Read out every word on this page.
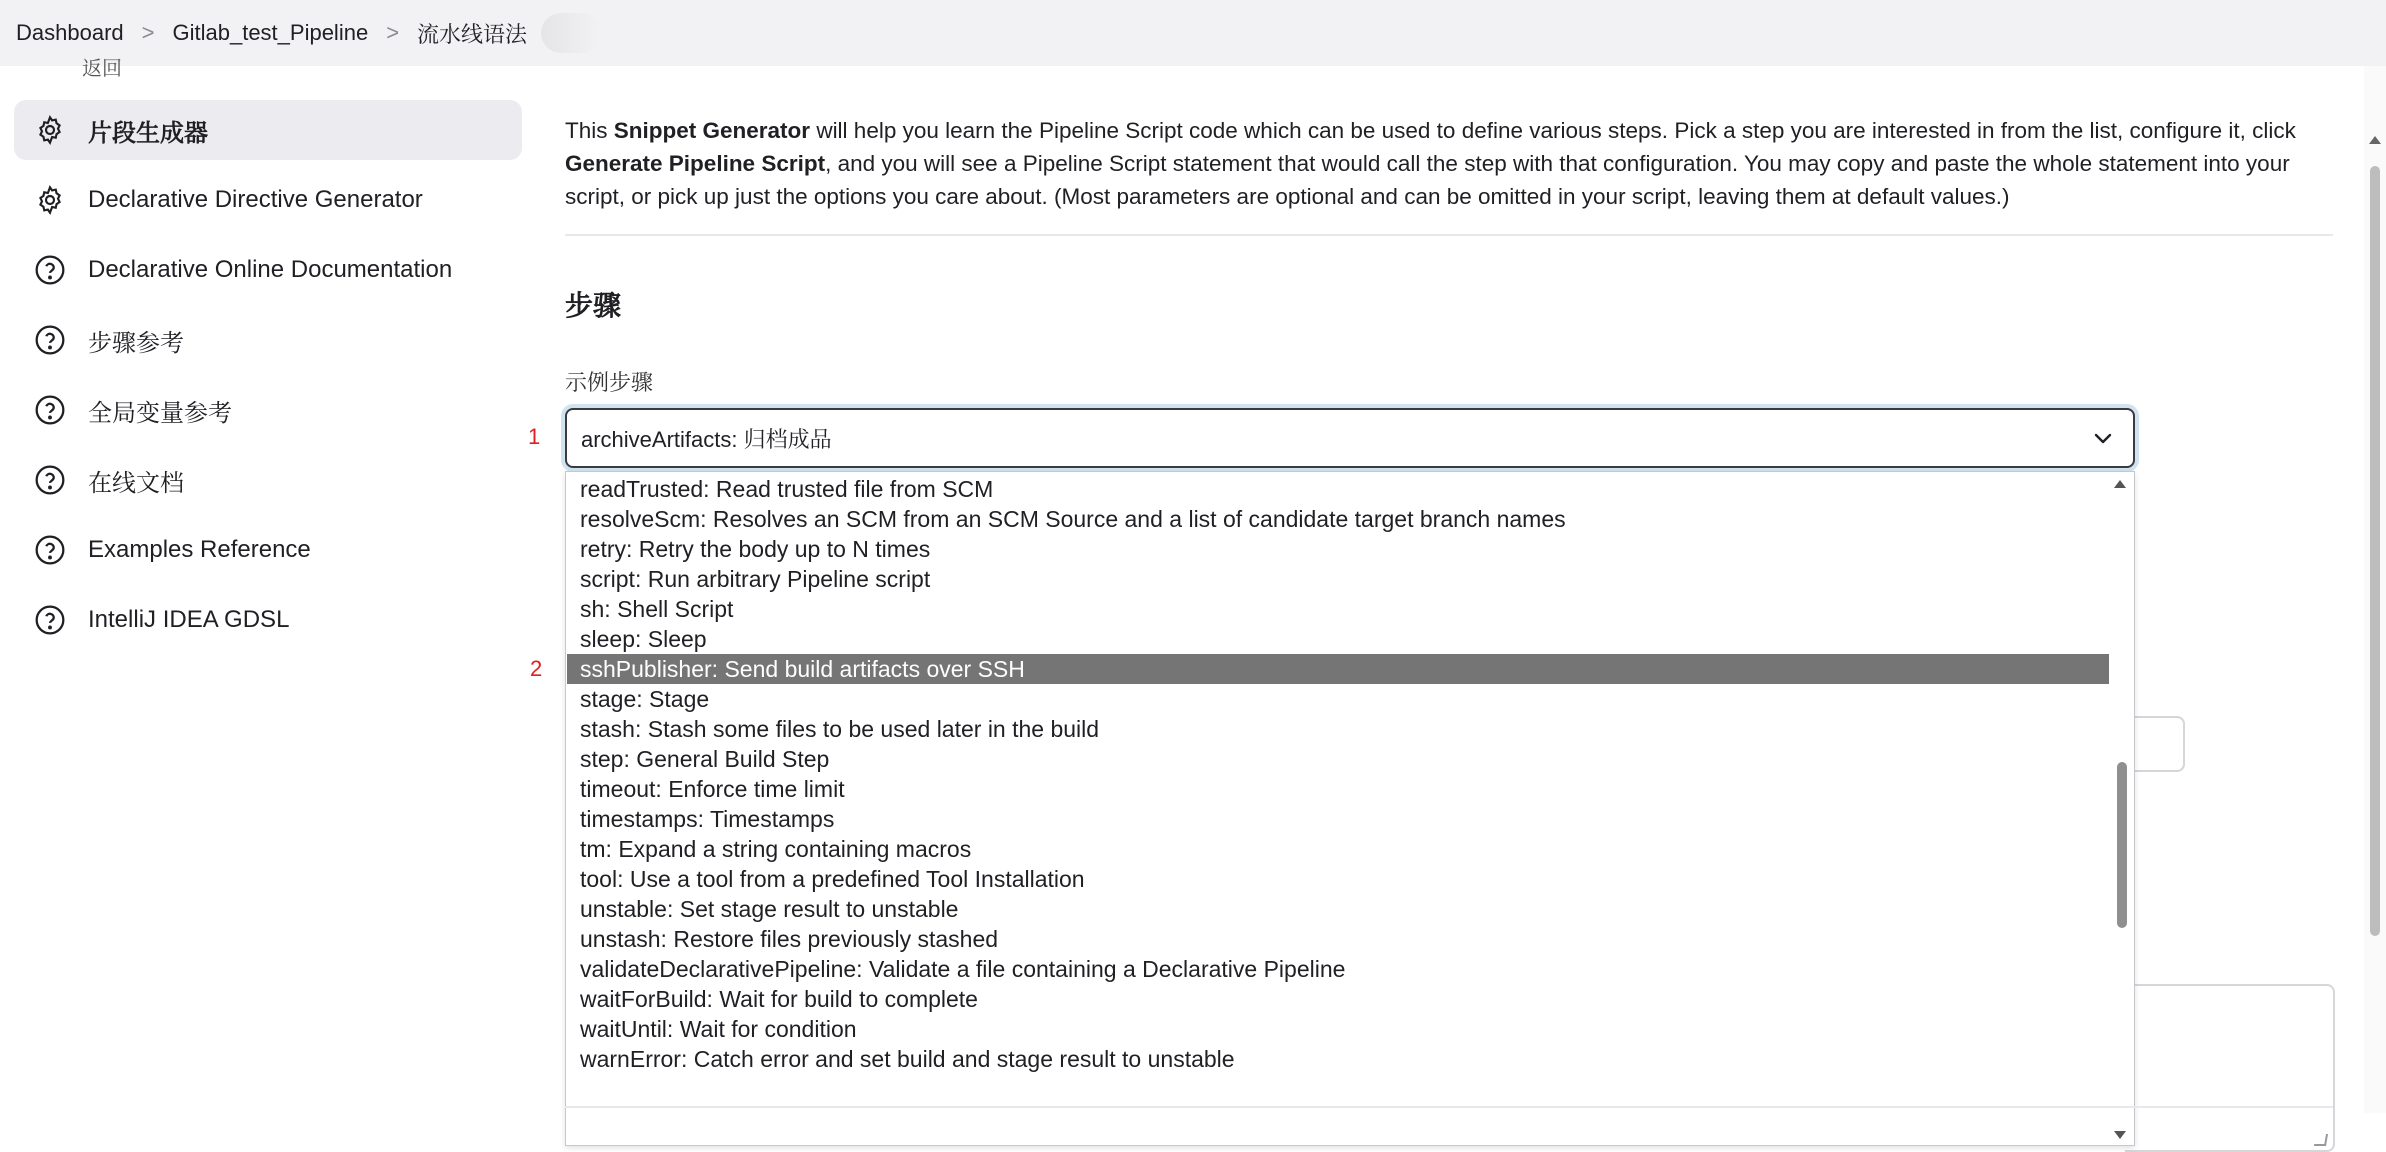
Dashboard > Gitlab_test_Pipeline > 流水线语法
返回
片段生成器
Declarative Directive Generator
Declarative Online Documentation
步骤参考
全局变量参考
在线文档
Examples Reference
IntelliJ IDEA GDSL

This Snippet Generator will help you learn the Pipeline Script code which can be used to define various steps. Pick a step you are interested in from the list, configure it, click Generate Pipeline Script, and you will see a Pipeline Script statement that would call the step with that configuration. You may copy and paste the whole statement into your script, or pick up just the options you care about. (Most parameters are optional and can be omitted in your script, leaving them at default values.)

步骤
示例步骤
archiveArtifacts: 归档成品
readTrusted: Read trusted file from SCM
resolveScm: Resolves an SCM from an SCM Source and a list of candidate target branch names
retry: Retry the body up to N times
script: Run arbitrary Pipeline script
sh: Shell Script
sleep: Sleep
sshPublisher: Send build artifacts over SSH
stage: Stage
stash: Stash some files to be used later in the build
step: General Build Step
timeout: Enforce time limit
timestamps: Timestamps
tm: Expand a string containing macros
tool: Use a tool from a predefined Tool Installation
unstable: Set stage result to unstable
unstash: Restore files previously stashed
validateDeclarativePipeline: Validate a file containing a Declarative Pipeline
waitForBuild: Wait for build to complete
waitUntil: Wait for condition
warnError: Catch error and set build and stage result to unstable
1
2
